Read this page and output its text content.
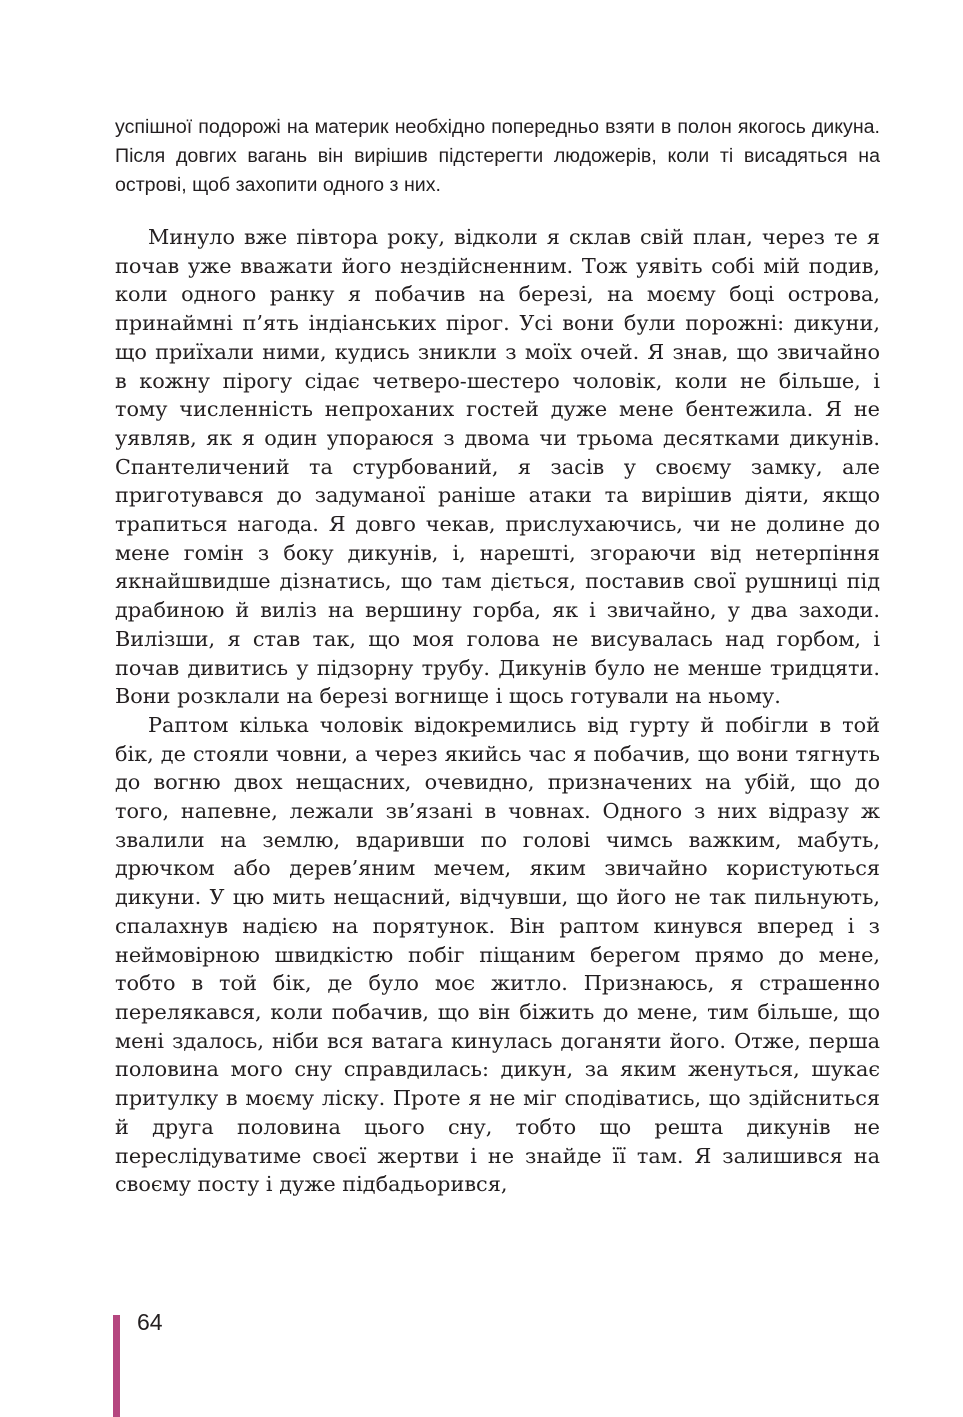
успішної подорожі на материк необхідно попередньо взяти в полон якогось дикуна. Після довгих вагань він вирішив підстерегти людожерів, коли ті висадяться на острові, щоб захопити одного з них.

Минуло вже півтора року, відколи я склав свій план, через те я почав уже вважати його нездійсненним. Тож уявіть собі мій подив, коли одного ранку я побачив на березі, на моєму боці острова, принаймні п’ять індіанських пірог. Усі вони були порожні: дикуни, що приїхали ними, кудись зникли з моїх очей. Я знав, що звичайно в кожну пірогу сідає четверо-шестеро чоловік, коли не більше, і тому численність непроханих гостей дуже мене бентежила. Я не уявляв, як я один упораюся з двома чи трьома десятками дикунів. Спантеличений та стурбований, я засів у своєму замку, але приготувався до задуманої раніше атаки та вирішив діяти, якщо трапиться нагода. Я довго чекав, прислухаючись, чи не долине до мене гомін з боку дикунів, і, нарешті, згораючи від нетерпіння якнайшвидше дізнатись, що там діється, поставив свої рушниці під драбиною й виліз на вершину горба, як і звичайно, у два заходи. Вилізши, я став так, що моя голова не висувалась над горбом, і почав дивитись у підзорну трубу. Дикунів було не менше тридцяти. Вони розклали на березі вогнище і щось готували на ньому.

Раптом кілька чоловік відокремились від гурту й побігли в той бік, де стояли човни, а через якийсь час я побачив, що вони тягнуть до вогню двох нещасних, очевидно, призначених на убій, що до того, напевне, лежали зв’язані в човнах. Одного з них відразу ж звалили на землю, вдаривши по голові чимсь важким, мабуть, дрючком або дерев’яним мечем, яким звичайно користуються дикуни. У цю мить нещасний, відчувши, що його не так пильнують, спалахнув надією на порятунок. Він раптом кинувся вперед і з неймовірною швидкістю побіг піщаним берегом прямо до мене, тобто в той бік, де було моє житло. Признаюсь, я страшенно перелякався, коли побачив, що він біжить до мене, тим більше, що мені здалось, ніби вся ватага кинулась доганяти його. Отже, перша половина мого сну справдилась: дикун, за яким женуться, шукає притулку в моєму ліску. Проте я не міг сподіватись, що здійсниться й друга половина цього сну, тобто що решта дикунів не переслідуватиме своєї жертви і не знайде її там. Я залишився на своєму посту і дуже підбадьорився,

64
